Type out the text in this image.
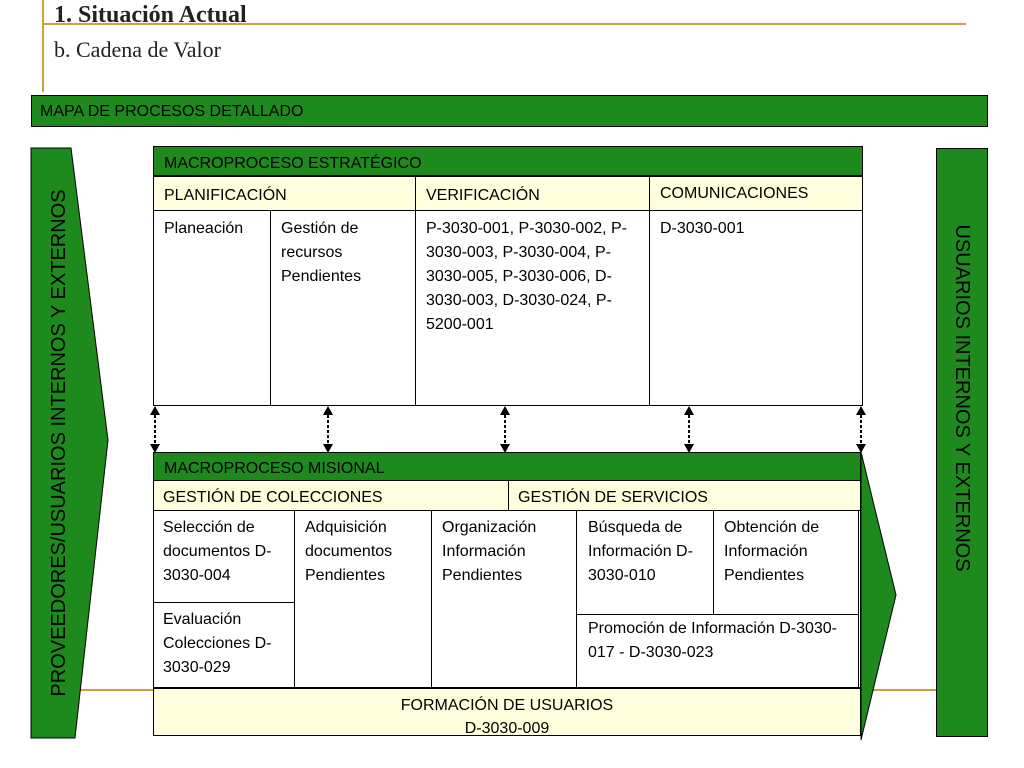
1. Situación Actual
b. Cadena de Valor
MAPA DE PROCESOS DETALLADO
PROVEEDORES/USUARIOS INTERNOS Y EXTERNOS	USUARIOS INTERNOS Y EXTERNOS
MACROPROCESO ESTRATÉGICO
PLANIFICACIÓN	VERIFICACIÓN	COMUNICACIONES
Planeación	Gestión de recursos Pendientes
P-3030-001, P-3030-002, P-3030-003, P-3030-004, P-3030-005, P-3030-006, D-3030-003, D-3030-024, P-5200-001
D-3030-001
MACROPROCESO MISIONAL
GESTIÓN DE COLECCIONES	GESTIÓN DE SERVICIOS
Selección de documentos D-3030-004
Evaluación Colecciones D-3030-029
Adquisición documentos Pendientes
Organización Información Pendientes
Búsqueda de Información D-3030-010
Obtención de Información Pendientes
Promoción de Información D-3030-017 - D-3030-023
FORMACIÓN DE USUARIOS
D-3030-009
